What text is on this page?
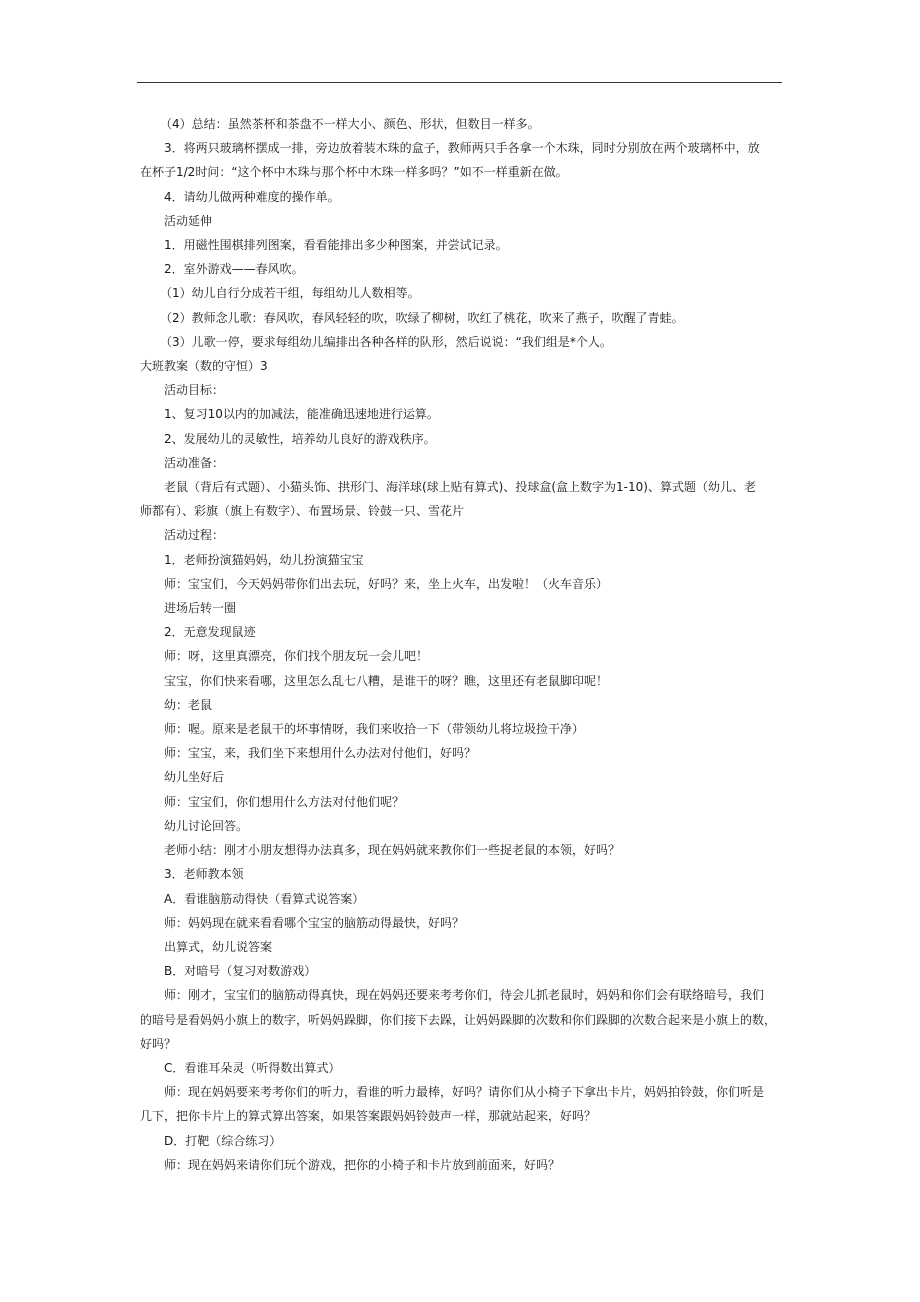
（4）总结：虽然茶杯和茶盘不一样大小、颜色、形状，但数目一样多。
3．将两只玻璃杯摆成一排，旁边放着装木珠的盒子，教师两只手各拿一个木珠，同时分别放在两个玻璃杯中，放
在杯子1/2时问：“这个杯中木珠与那个杯中木珠一样多吗？”如不一样重新在做。
4．请幼儿做两种难度的操作单。
活动延伸
1．用磁性围棋排列图案，看看能排出多少种图案，并尝试记录。
2．室外游戏——春风吹。
（1）幼儿自行分成若干组，每组幼儿人数相等。
（2）教师念儿歌：春风吹，春风轻轻的吹，吹绿了柳树，吹红了桃花，吹来了燕子，吹醒了青蛙。
（3）儿歌一停，要求每组幼儿编排出各种各样的队形，然后说说：“我们组是*个人。
大班教案（数的守恒）3
活动目标：
1、复习10以内的加减法，能准确迅速地进行运算。
2、发展幼儿的灵敏性，培养幼儿良好的游戏秩序。
活动准备：
老鼠（背后有式题）、小猫头饰、拱形门、海洋球(球上贴有算式)、投球盒(盒上数字为1-10)、算式题（幼儿、老
师都有）、彩旗（旗上有数字）、布置场景、铃鼓一只、雪花片
活动过程：
1．老师扮演猫妈妈，幼儿扮演猫宝宝
师：宝宝们，今天妈妈带你们出去玩，好吗？来，坐上火车，出发啦！（火车音乐）
进场后转一圈
2．无意发现鼠迹
师：呀，这里真漂亮，你们找个朋友玩一会儿吧！
宝宝，你们快来看哪，这里怎么乱七八糟，是谁干的呀？瞧，这里还有老鼠脚印呢！
幼：老鼠
师：喔。原来是老鼠干的坏事情呀，我们来收拾一下（带领幼儿将垃圾捡干净）
师：宝宝，来，我们坐下来想用什么办法对付他们，好吗？
幼儿坐好后
师：宝宝们，你们想用什么方法对付他们呢？
幼儿讨论回答。
老师小结：刚才小朋友想得办法真多，现在妈妈就来教你们一些捉老鼠的本领，好吗？
3．老师教本领
A．看谁脑筋动得快（看算式说答案）
师：妈妈现在就来看看哪个宝宝的脑筋动得最快，好吗？
出算式，幼儿说答案
B．对暗号（复习对数游戏）
师：刚才，宝宝们的脑筋动得真快，现在妈妈还要来考考你们，待会儿抓老鼠时，妈妈和你们会有联络暗号，我们
的暗号是看妈妈小旗上的数字，听妈妈跺脚，你们接下去跺，让妈妈跺脚的次数和你们跺脚的次数合起来是小旗上的数，
好吗？
C．看谁耳朵灵（听得数出算式）
师：现在妈妈要来考考你们的听力，看谁的听力最棒，好吗？请你们从小椅子下拿出卡片，妈妈拍铃鼓，你们听是
几下，把你卡片上的算式算出答案，如果答案跟妈妈铃鼓声一样，那就站起来，好吗？
D．打靶（综合练习）
师：现在妈妈来请你们玩个游戏，把你的小椅子和卡片放到前面来，好吗？
